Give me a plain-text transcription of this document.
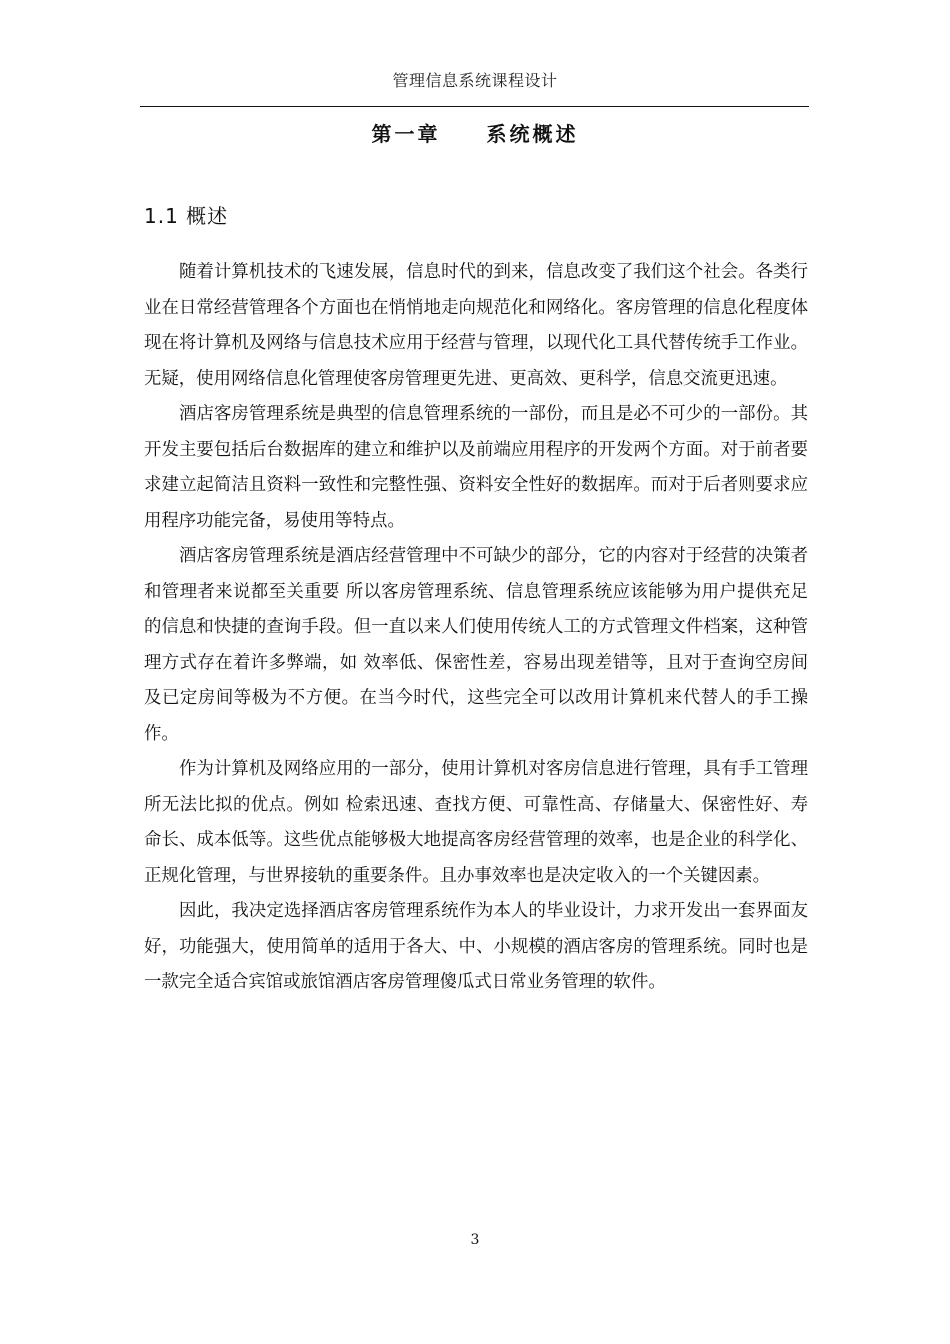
管理信息系统课程设计
第一章　　系统概述
1.1 概述

随着计算机技术的飞速发展，信息时代的到来，信息改变了我们这个社会。各类行业在日常经营管理各个方面也在悄悄地走向规范化和网络化。客房管理的信息化程度体现在将计算机及网络与信息技术应用于经营与管理，以现代化工具代替传统手工作业。无疑，使用网络信息化管理使客房管理更先进、更高效、更科学，信息交流更迅速。

酒店客房管理系统是典型的信息管理系统的一部份，而且是必不可少的一部份。其开发主要包括后台数据库的建立和维护以及前端应用程序的开发两个方面。对于前者要求建立起简洁且资料一致性和完整性强、资料安全性好的数据库。而对于后者则要求应用程序功能完备，易使用等特点。

酒店客房管理系统是酒店经营管理中不可缺少的部分，它的内容对于经营的决策者和管理者来说都至关重要 所以客房管理系统、信息管理系统应该能够为用户提供充足的信息和快捷的查询手段。但一直以来人们使用传统人工的方式管理文件档案，这种管理方式存在着许多弊端，如 效率低、保密性差，容易出现差错等，且对于查询空房间及已定房间等极为不方便。在当今时代，这些完全可以改用计算机来代替人的手工操作。

作为计算机及网络应用的一部分，使用计算机对客房信息进行管理，具有手工管理所无法比拟的优点。例如 检索迅速、查找方便、可靠性高、存储量大、保密性好、寿命长、成本低等。这些优点能够极大地提高客房经营管理的效率，也是企业的科学化、正规化管理，与世界接轨的重要条件。且办事效率也是决定收入的一个关键因素。

因此，我决定选择酒店客房管理系统作为本人的毕业设计，力求开发出一套界面友好，功能强大，使用简单的适用于各大、中、小规模的酒店客房的管理系统。同时也是一款完全适合宾馆或旅馆酒店客房管理傻瓜式日常业务管理的软件。

3
